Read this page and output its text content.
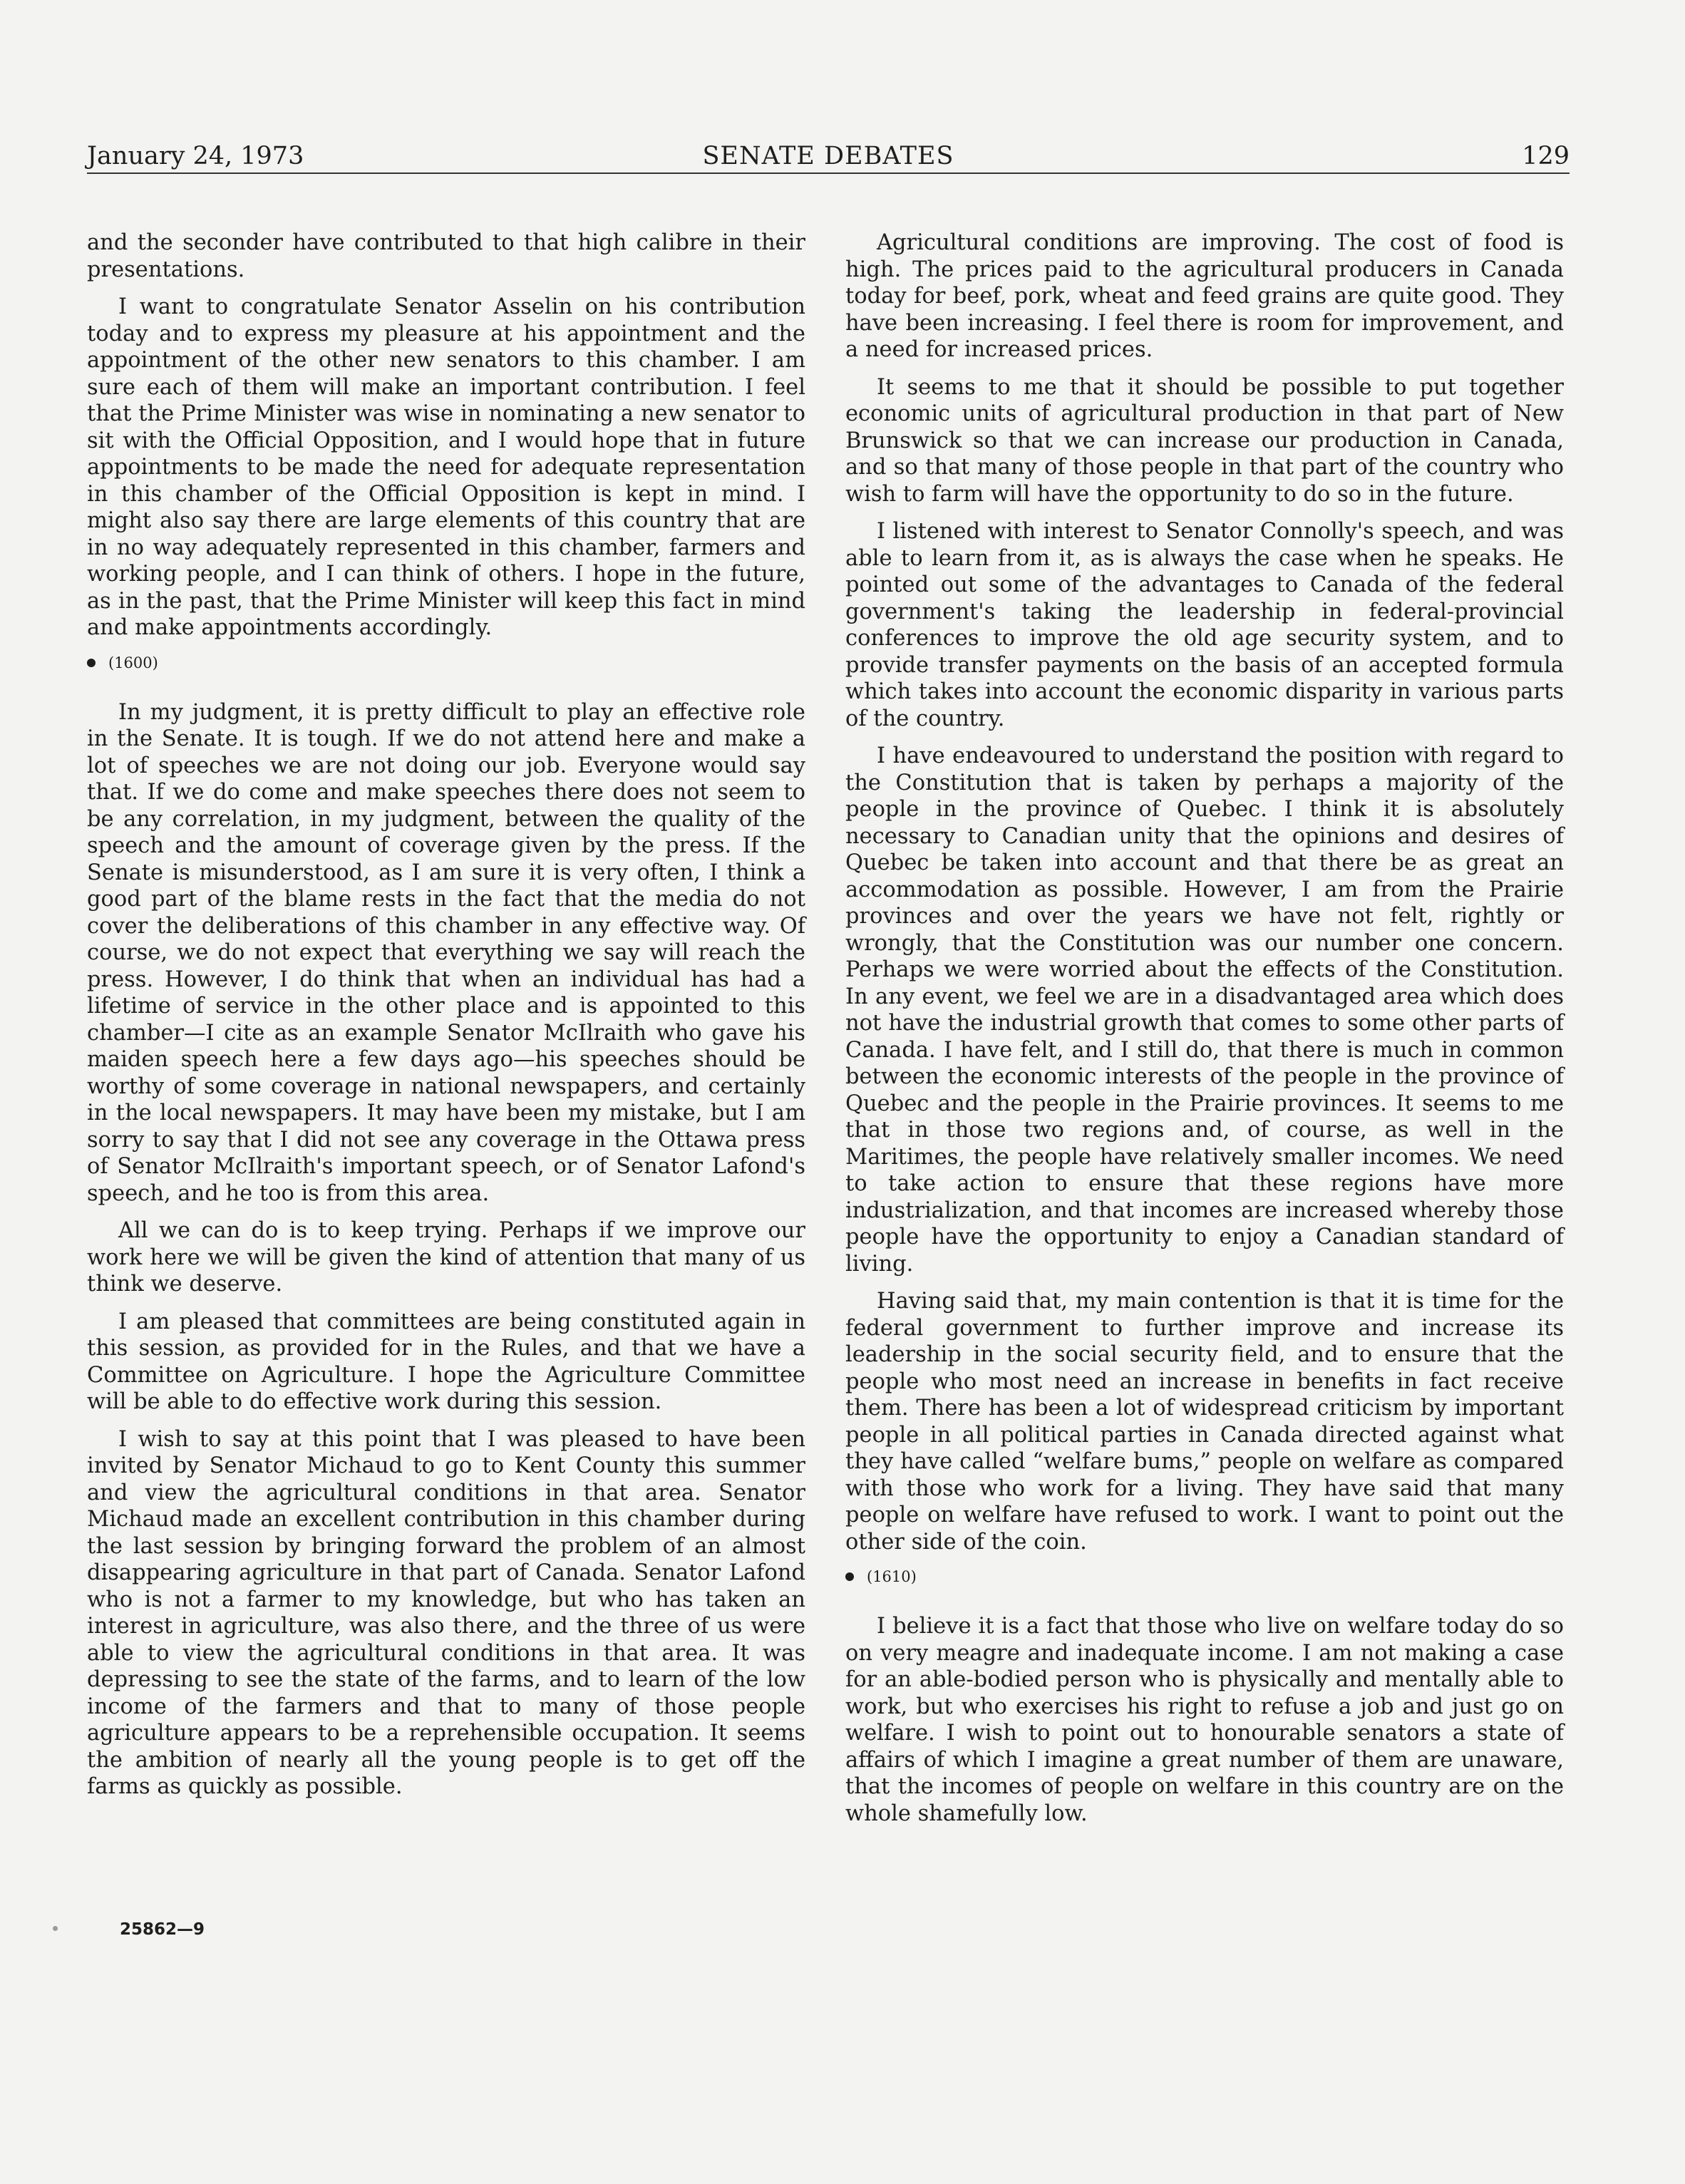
January 24, 1973	SENATE DEBATES	129

and the seconder have contributed to that high calibre in their presentations.

I want to congratulate Senator Asselin on his contribution today and to express my pleasure at his appointment and the appointment of the other new senators to this chamber. I am sure each of them will make an important contribution. I feel that the Prime Minister was wise in nominating a new senator to sit with the Official Opposition, and I would hope that in future appointments to be made the need for adequate representation in this chamber of the Official Opposition is kept in mind. I might also say there are large elements of this country that are in no way adequately represented in this chamber, farmers and working people, and I can think of others. I hope in the future, as in the past, that the Prime Minister will keep this fact in mind and make appointments accordingly.

(1600)

In my judgment, it is pretty difficult to play an effective role in the Senate. It is tough. If we do not attend here and make a lot of speeches we are not doing our job. Everyone would say that. If we do come and make speeches there does not seem to be any correlation, in my judgment, between the quality of the speech and the amount of coverage given by the press. If the Senate is misunderstood, as I am sure it is very often, I think a good part of the blame rests in the fact that the media do not cover the deliberations of this chamber in any effective way. Of course, we do not expect that everything we say will reach the press. However, I do think that when an individual has had a lifetime of service in the other place and is appointed to this chamber—I cite as an example Senator McIlraith who gave his maiden speech here a few days ago—his speeches should be worthy of some coverage in national newspapers, and certainly in the local newspapers. It may have been my mistake, but I am sorry to say that I did not see any coverage in the Ottawa press of Senator McIlraith's important speech, or of Senator Lafond's speech, and he too is from this area.

All we can do is to keep trying. Perhaps if we improve our work here we will be given the kind of attention that many of us think we deserve.

I am pleased that committees are being constituted again in this session, as provided for in the Rules, and that we have a Committee on Agriculture. I hope the Agriculture Committee will be able to do effective work during this session.

I wish to say at this point that I was pleased to have been invited by Senator Michaud to go to Kent County this summer and view the agricultural conditions in that area. Senator Michaud made an excellent contribution in this chamber during the last session by bringing forward the problem of an almost disappearing agriculture in that part of Canada. Senator Lafond who is not a farmer to my knowledge, but who has taken an interest in agriculture, was also there, and the three of us were able to view the agricultural conditions in that area. It was depressing to see the state of the farms, and to learn of the low income of the farmers and that to many of those people agriculture appears to be a reprehensible occupation. It seems the ambition of nearly all the young people is to get off the farms as quickly as possible.

Agricultural conditions are improving. The cost of food is high. The prices paid to the agricultural producers in Canada today for beef, pork, wheat and feed grains are quite good. They have been increasing. I feel there is room for improvement, and a need for increased prices.

It seems to me that it should be possible to put together economic units of agricultural production in that part of New Brunswick so that we can increase our production in Canada, and so that many of those people in that part of the country who wish to farm will have the opportunity to do so in the future.

I listened with interest to Senator Connolly's speech, and was able to learn from it, as is always the case when he speaks. He pointed out some of the advantages to Canada of the federal government's taking the leadership in federal-provincial conferences to improve the old age security system, and to provide transfer payments on the basis of an accepted formula which takes into account the economic disparity in various parts of the country.

I have endeavoured to understand the position with regard to the Constitution that is taken by perhaps a majority of the people in the province of Quebec. I think it is absolutely necessary to Canadian unity that the opinions and desires of Quebec be taken into account and that there be as great an accommodation as possible. However, I am from the Prairie provinces and over the years we have not felt, rightly or wrongly, that the Constitution was our number one concern. Perhaps we were worried about the effects of the Constitution. In any event, we feel we are in a disadvantaged area which does not have the industrial growth that comes to some other parts of Canada. I have felt, and I still do, that there is much in common between the economic interests of the people in the province of Quebec and the people in the Prairie provinces. It seems to me that in those two regions and, of course, as well in the Maritimes, the people have relatively smaller incomes. We need to take action to ensure that these regions have more industrialization, and that incomes are increased whereby those people have the opportunity to enjoy a Canadian standard of living.

Having said that, my main contention is that it is time for the federal government to further improve and increase its leadership in the social security field, and to ensure that the people who most need an increase in benefits in fact receive them. There has been a lot of widespread criticism by important people in all political parties in Canada directed against what they have called “welfare bums,” people on welfare as compared with those who work for a living. They have said that many people on welfare have refused to work. I want to point out the other side of the coin.

(1610)

I believe it is a fact that those who live on welfare today do so on very meagre and inadequate income. I am not making a case for an able-bodied person who is physically and mentally able to work, but who exercises his right to refuse a job and just go on welfare. I wish to point out to honourable senators a state of affairs of which I imagine a great number of them are unaware, that the incomes of people on welfare in this country are on the whole shamefully low.

25862—9
